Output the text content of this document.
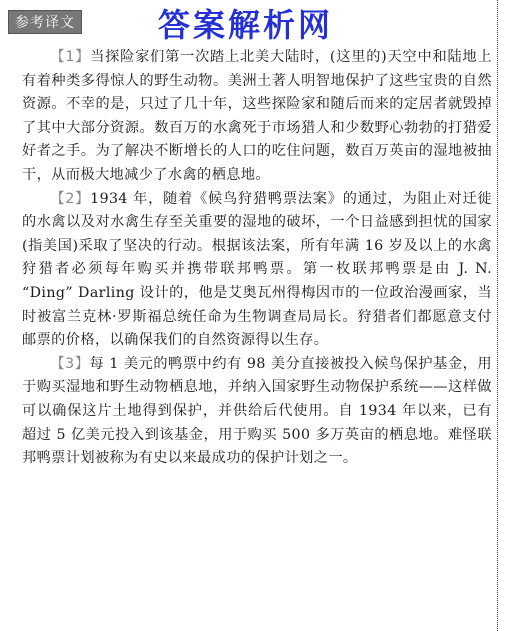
参考译文	答案解析网

【1】当探险家们第一次踏上北美大陆时，(这里的)天空中和陆地上有着种类多得惊人的野生动物。美洲土著人明智地保护了这些宝贵的自然资源。不幸的是，只过了几十年，这些探险家和随后而来的定居者就毁掉了其中大部分资源。数百万的水禽死于市场猎人和少数野心勃勃的打猎爱好者之手。为了解决不断增长的人口的吃住问题，数百万英亩的湿地被抽干，从而极大地减少了水禽的栖息地。

【2】1934 年，随着《候鸟狩猎鸭票法案》的通过，为阻止对迁徙的水禽以及对水禽生存至关重要的湿地的破坏，一个日益感到担忧的国家(指美国)采取了坚决的行动。根据该法案，所有年满 16 岁及以上的水禽狩猎者必须每年购买并携带联邦鸭票。第一枚联邦鸭票是由 J. N. “Ding” Darling 设计的，他是艾奥瓦州得梅因市的一位政治漫画家，当时被富兰克林·罗斯福总统任命为生物调查局局长。狩猎者们都愿意支付邮票的价格，以确保我们的自然资源得以生存。

【3】每 1 美元的鸭票中约有 98 美分直接被投入候鸟保护基金，用于购买湿地和野生动物栖息地，并纳入国家野生动物保护系统——这样做可以确保这片土地得到保护，并供给后代使用。自 1934 年以来，已有超过 5 亿美元投入到该基金，用于购买 500 多万英亩的栖息地。难怪联邦鸭票计划被称为有史以来最成功的保护计划之一。
